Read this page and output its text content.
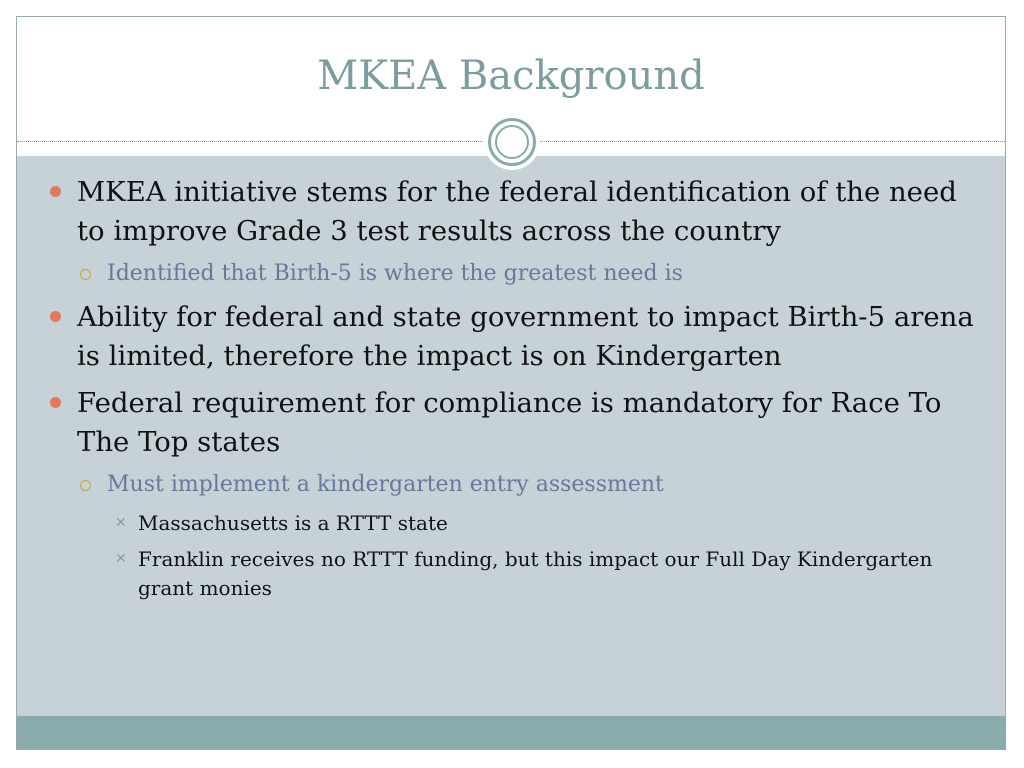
MKEA Background
MKEA initiative stems for the federal identification of the need to improve Grade 3 test results across the country
Identified that Birth-5 is where the greatest need is
Ability for federal and state government to impact Birth-5 arena is limited, therefore the impact is on Kindergarten
Federal requirement for compliance is mandatory for Race To The Top states
Must implement a kindergarten entry assessment
✕ Massachusetts is a RTTT state
✕ Franklin receives no RTTT funding, but this impact our Full Day Kindergarten grant monies
